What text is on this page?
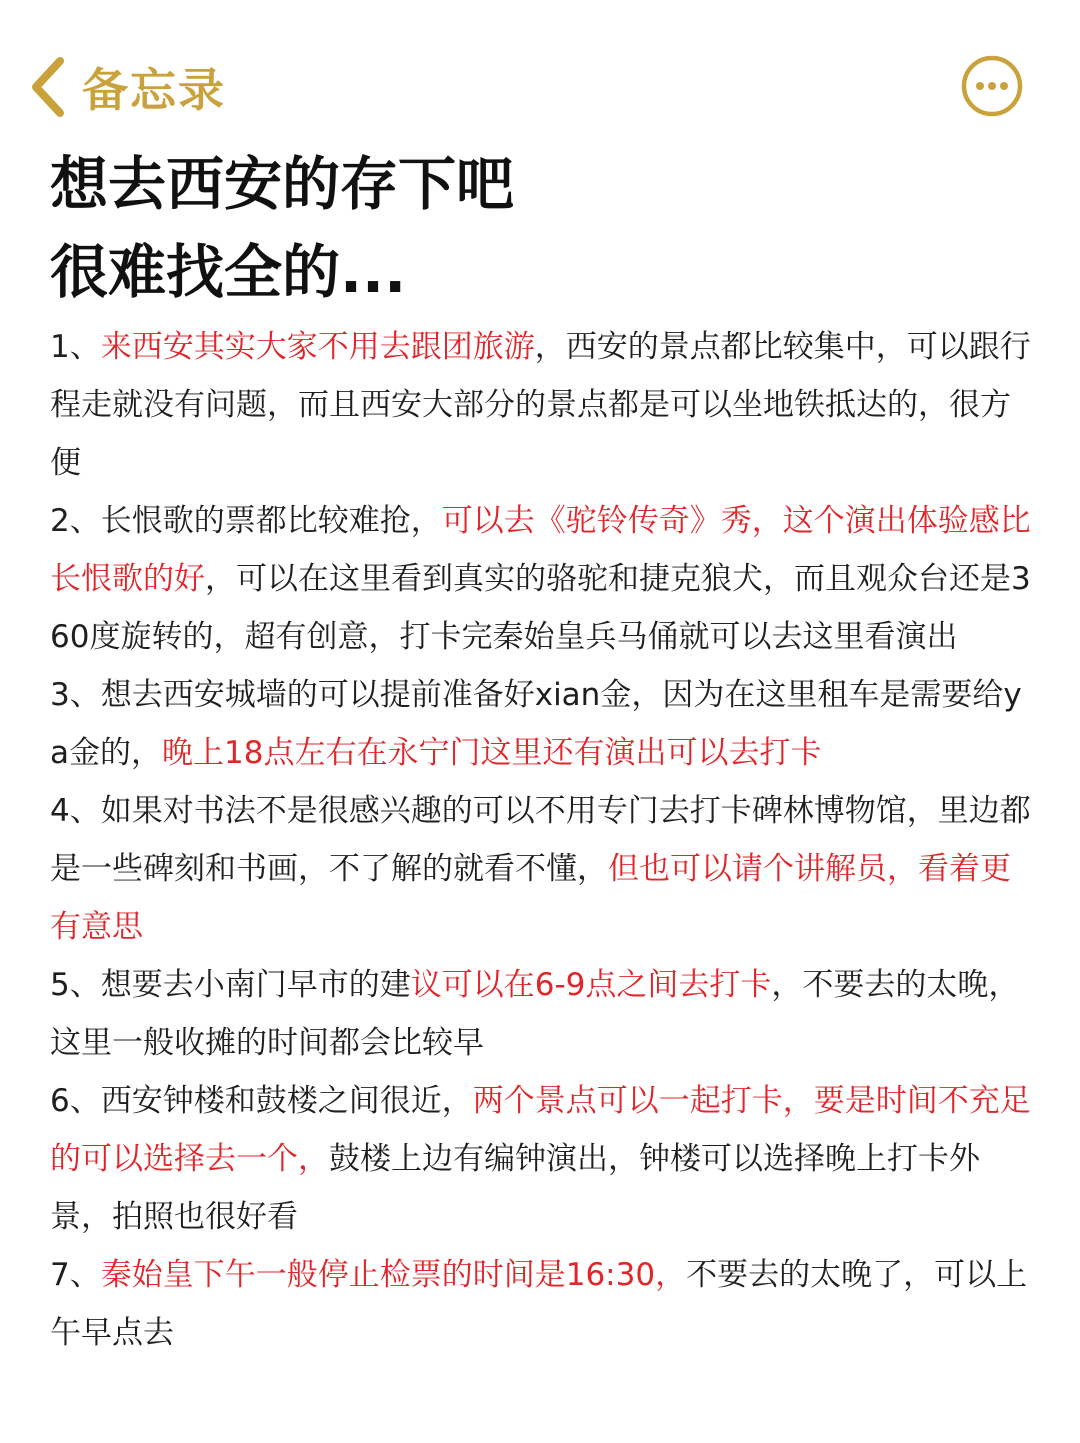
备忘录
想去西安的存下吧
很难找全的...

1、来西安其实大家不用去跟团旅游，西安的景点都比较集中，可以跟行程走就没有问题，而且西安大部分的景点都是可以坐地铁抵达的，很方便

2、长恨歌的票都比较难抢，可以去《驼铃传奇》秀，这个演出体验感比长恨歌的好，可以在这里看到真实的骆驼和捷克狼犬，而且观众台还是360度旋转的，超有创意，打卡完秦始皇兵马俑就可以去这里看演出

3、想去西安城墙的可以提前准备好xian金，因为在这里租车是需要给ya金的，晚上18点左右在永宁门这里还有演出可以去打卡

4、如果对书法不是很感兴趣的可以不用专门去打卡碑林博物馆，里边都是一些碑刻和书画，不了解的就看不懂，但也可以请个讲解员，看着更有意思

5、想要去小南门早市的建议可以在6-9点之间去打卡，不要去的太晚，这里一般收摊的时间都会比较早

6、西安钟楼和鼓楼之间很近，两个景点可以一起打卡，要是时间不充足的可以选择去一个，鼓楼上边有编钟演出，钟楼可以选择晚上打卡外景，拍照也很好看

7、秦始皇下午一般停止检票的时间是16:30，不要去的太晚了，可以上午早点去
